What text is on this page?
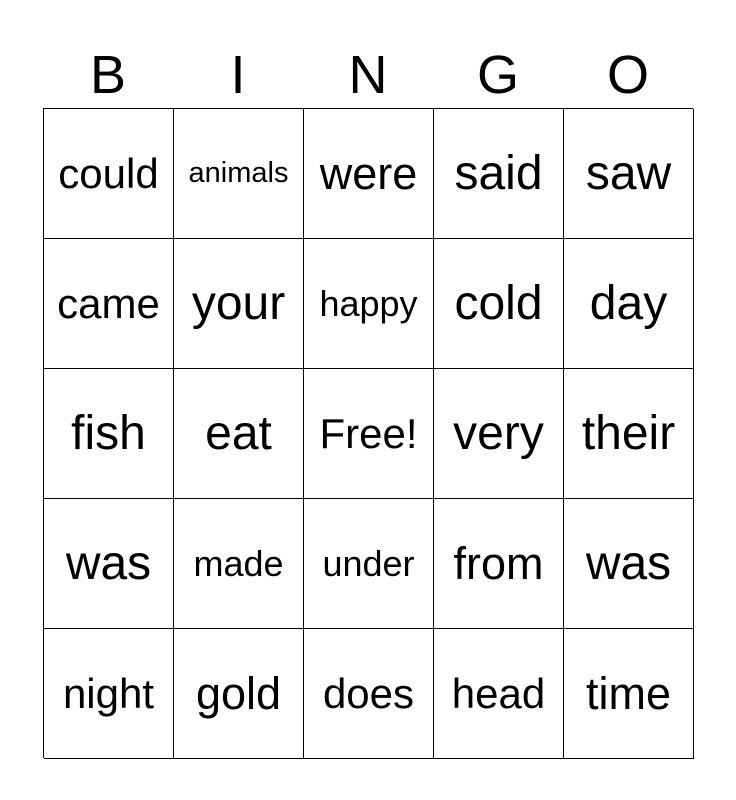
B	I	N	G	O
could animals were said saw
came your happy cold day
fish eat Free! very their
was made under from was
night gold does head time
